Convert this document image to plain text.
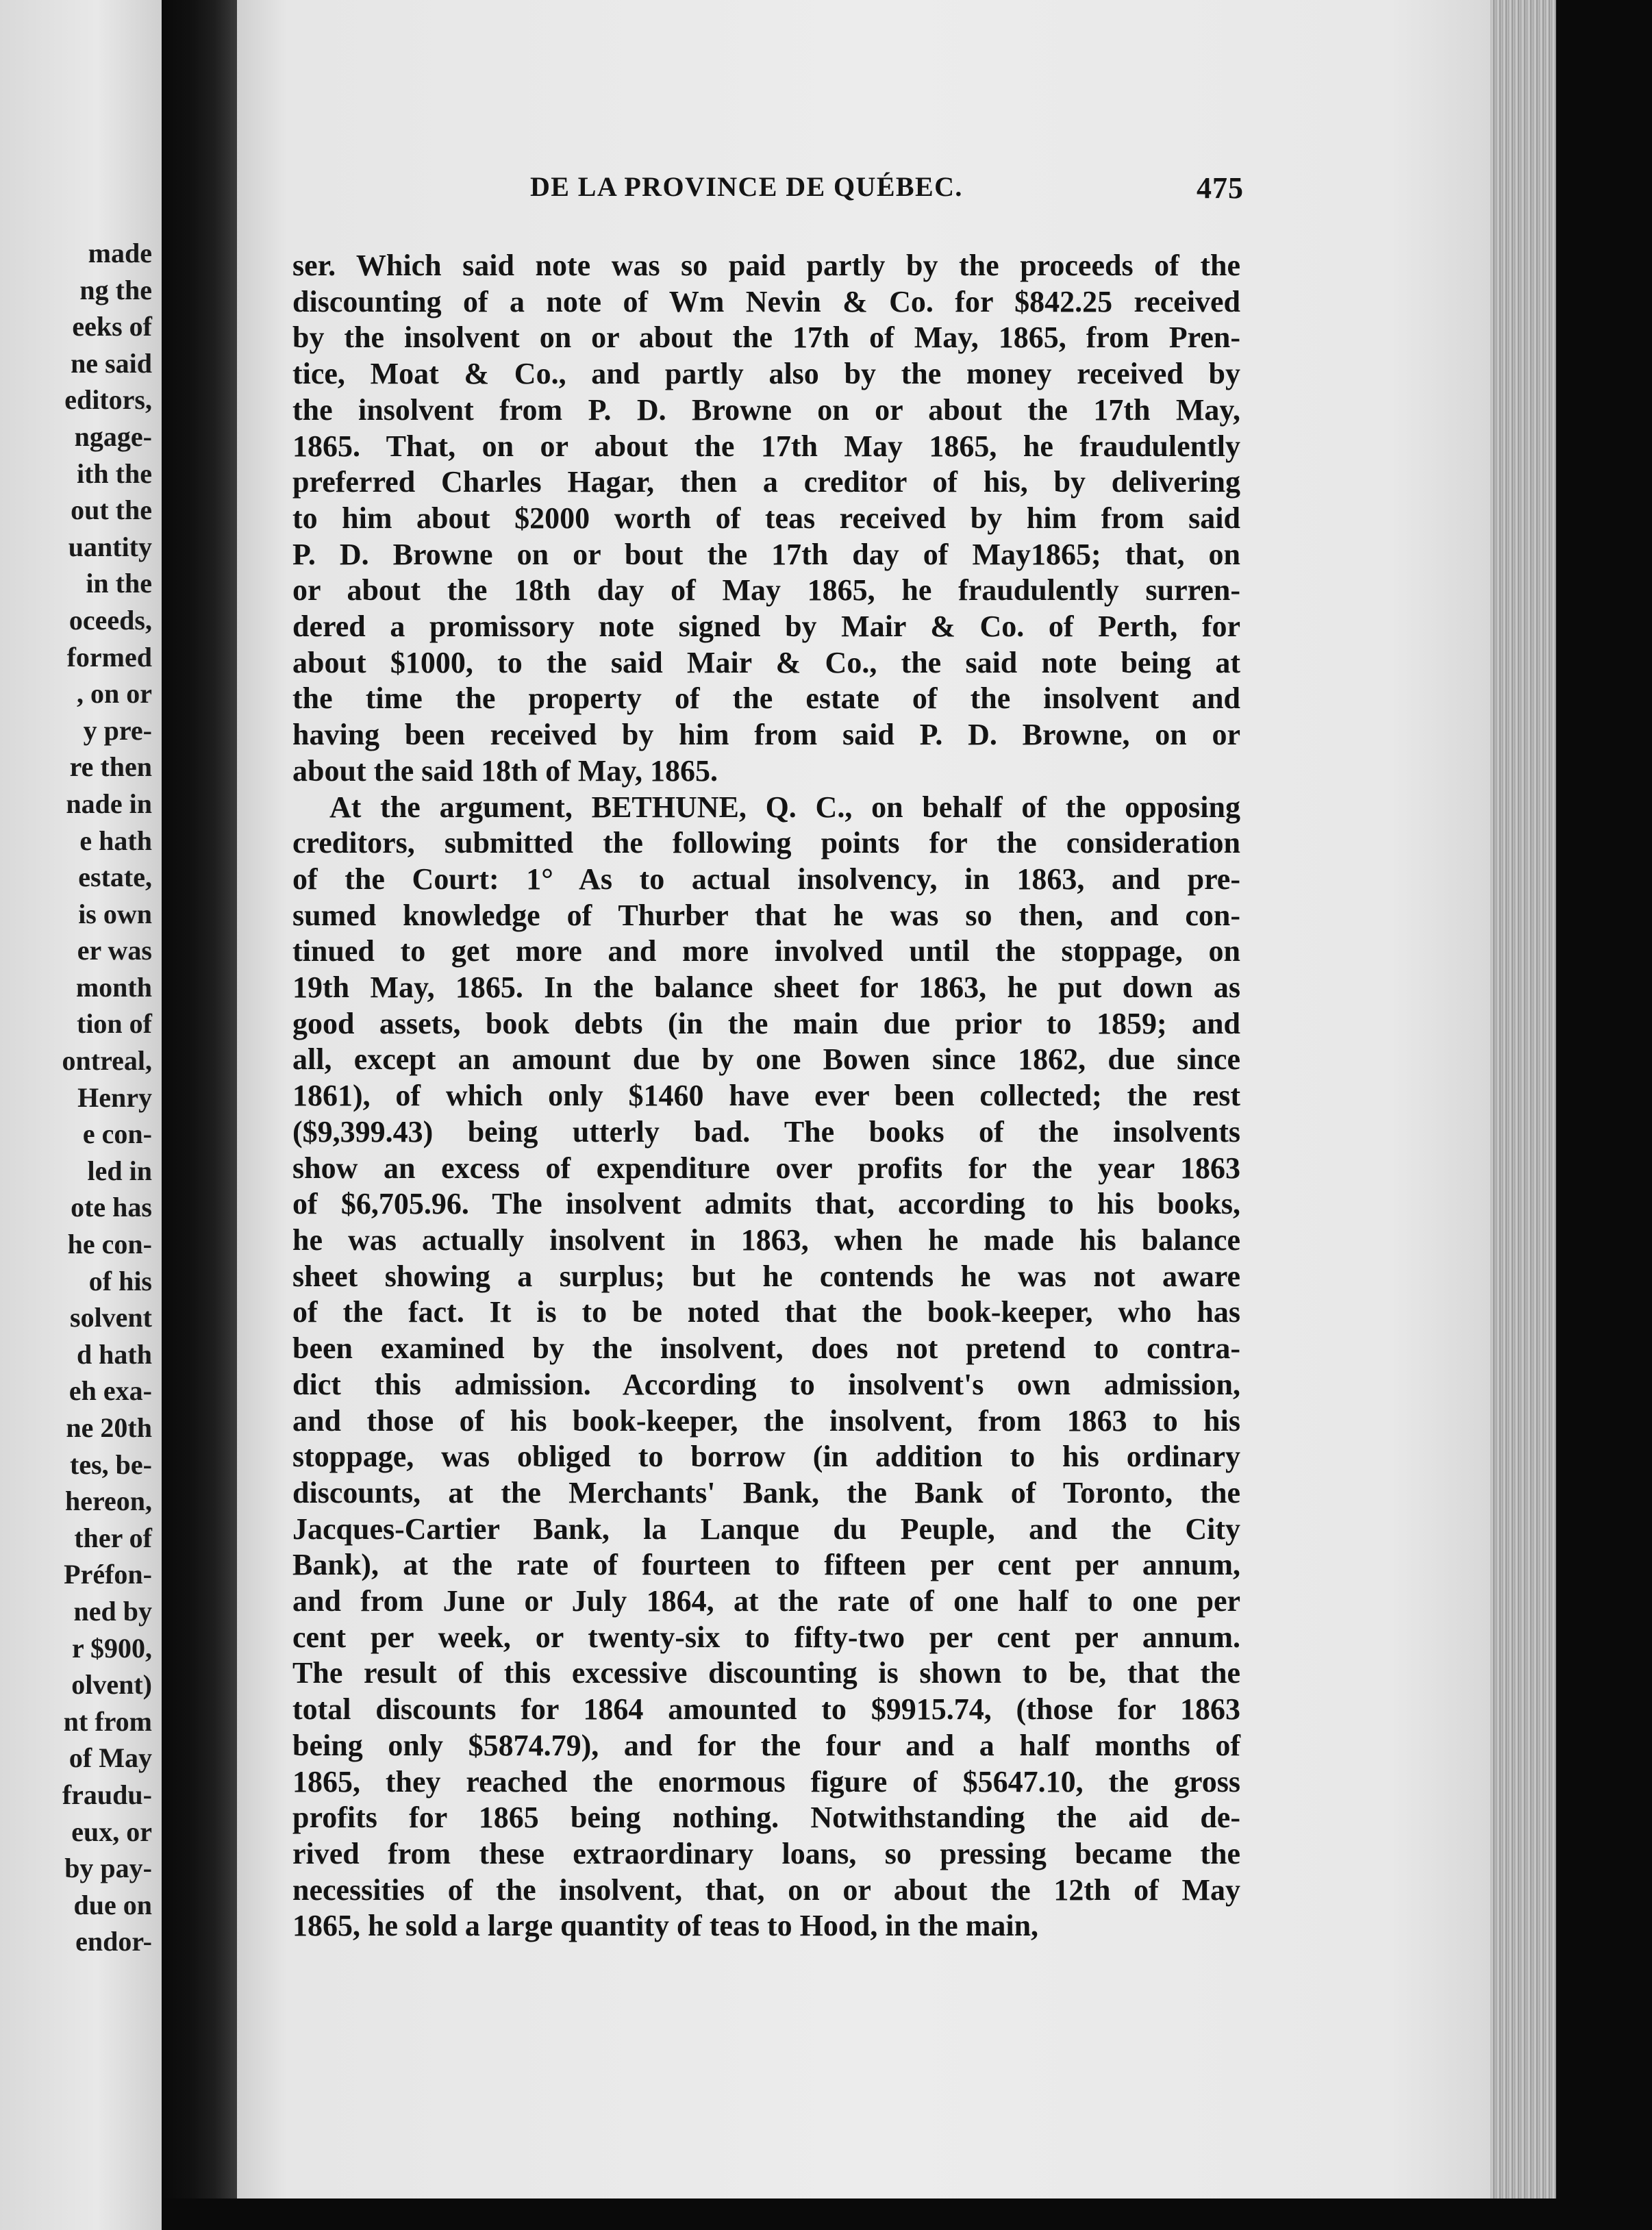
made
ng the
eeks of
ne said
editors,
ngage-
ith the
out the
uantity
in the
oceeds,
formed
, on or
y pre-
re then
nade in
e hath
estate,
is own
er was
month
tion of
ontreal,
Henry
e con-
led in
ote has
he con-
of his
solvent
d hath
eh exa-
ne 20th
tes, be-
hereon,
ther of
Préfon-
ned by
r $900,
olvent)
nt from
of May
fraudu-
eux, or
by pay-
due on
endor-
DE LA PROVINCE DE QUÉBEC.	475
ser. Which said note was so paid partly by the proceeds of the
discounting of a note of Wm Nevin & Co. for $842.25 received
by the insolvent on or about the 17th of May, 1865, from Pren-
tice, Moat & Co., and partly also by the money received by
the insolvent from P. D. Browne on or about the 17th May,
1865. That, on or about the 17th May 1865, he fraudulently
preferred Charles Hagar, then a creditor of his, by delivering
to him about $2000 worth of teas received by him from said
P. D. Browne on or bout the 17th day of May1865; that, on
or about the 18th day of May 1865, he fraudulently surren-
dered a promissory note signed by Mair & Co. of Perth, for
about $1000, to the said Mair & Co., the said note being at
the time the property of the estate of the insolvent and
having been received by him from said P. D. Browne, on or
about the said 18th of May, 1865.
At the argument, BETHUNE, Q. C., on behalf of the opposing
creditors, submitted the following points for the consideration
of the Court: 1° As to actual insolvency, in 1863, and pre-
sumed knowledge of Thurber that he was so then, and con-
tinued to get more and more involved until the stoppage, on
19th May, 1865. In the balance sheet for 1863, he put down as
good assets, book debts (in the main due prior to 1859; and
all, except an amount due by one Bowen since 1862, due since
1861), of which only $1460 have ever been collected; the rest
($9,399.43) being utterly bad. The books of the insolvents
show an excess of expenditure over profits for the year 1863
of $6,705.96. The insolvent admits that, according to his books,
he was actually insolvent in 1863, when he made his balance
sheet showing a surplus; but he contends he was not aware
of the fact. It is to be noted that the book-keeper, who has
been examined by the insolvent, does not pretend to contra-
dict this admission. According to insolvent's own admission,
and those of his book-keeper, the insolvent, from 1863 to his
stoppage, was obliged to borrow (in addition to his ordinary
discounts, at the Merchants' Bank, the Bank of Toronto, the
Jacques-Cartier Bank, la Lanque du Peuple, and the City
Bank), at the rate of fourteen to fifteen per cent per annum,
and from June or July 1864, at the rate of one half to one per
cent per week, or twenty-six to fifty-two per cent per annum.
The result of this excessive discounting is shown to be, that the
total discounts for 1864 amounted to $9915.74, (those for 1863
being only $5874.79), and for the four and a half months of
1865, they reached the enormous figure of $5647.10, the gross
profits for 1865 being nothing. Notwithstanding the aid de-
rived from these extraordinary loans, so pressing became the
necessities of the insolvent, that, on or about the 12th of May
1865, he sold a large quantity of teas to Hood, in the main,
